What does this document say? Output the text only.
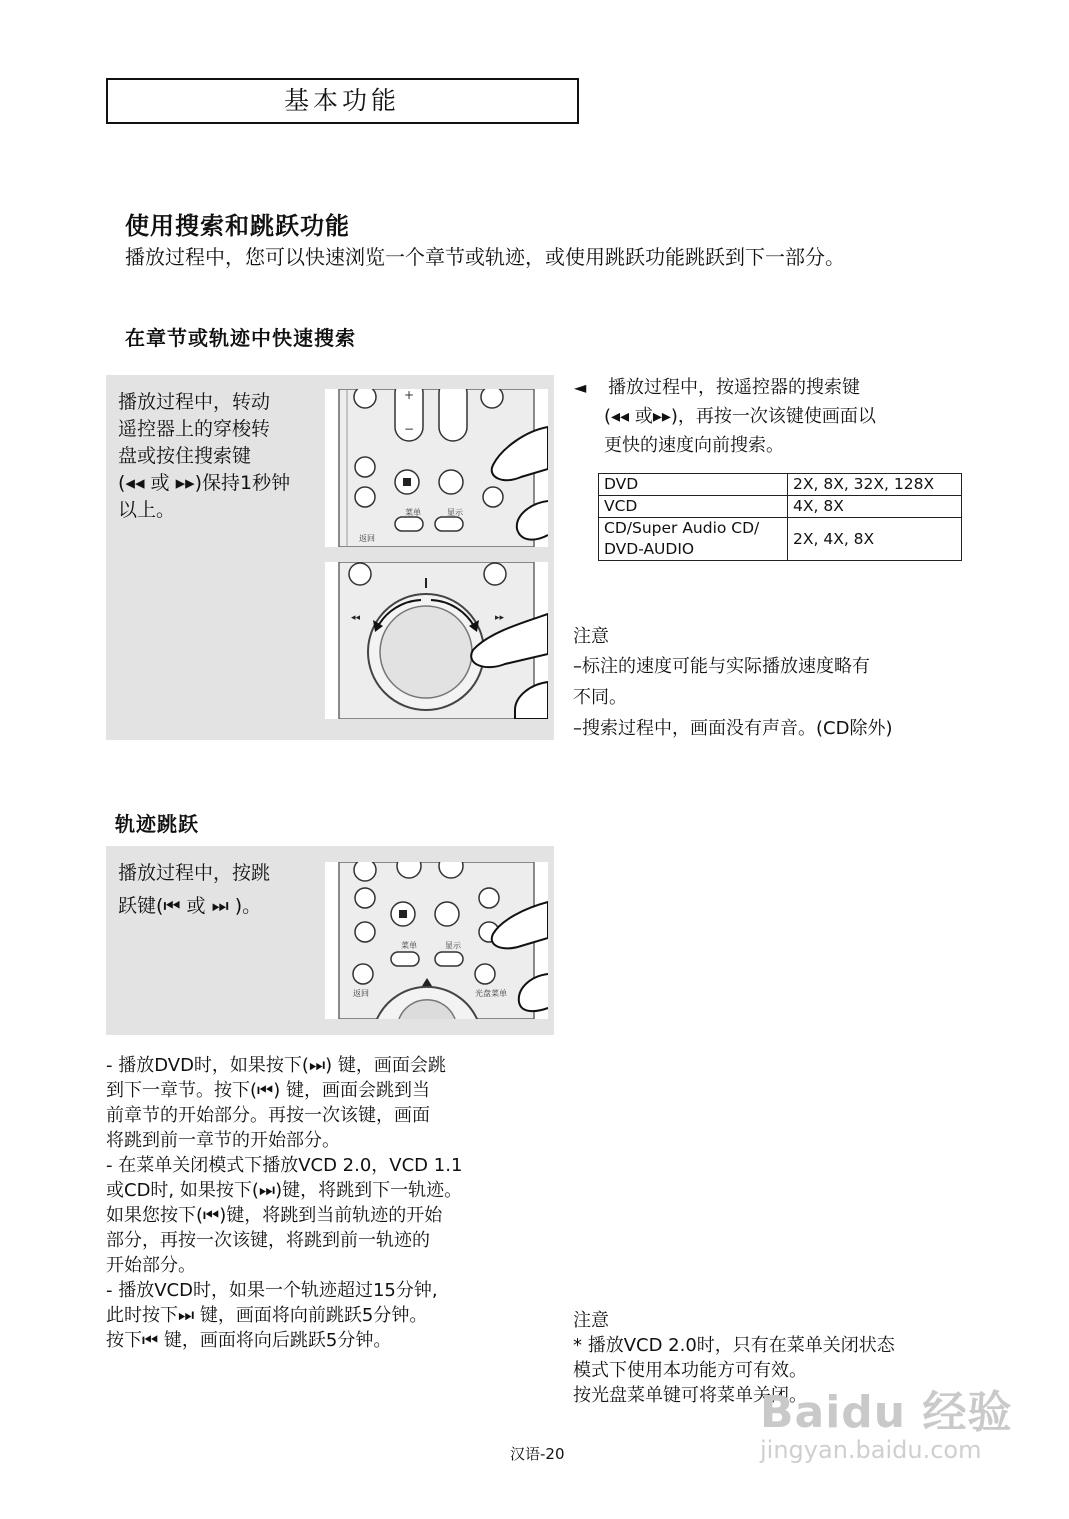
基本功能
使用搜索和跳跃功能
播放过程中，您可以快速浏览一个章节或轨迹，或使用跳跃功能跳跃到下一部分。
在章节或轨迹中快速搜索
播放过程中，转动
遥控器上的穿梭转
盘或按住搜索键
(◂◂ 或 ▸▸)保持1秒钟
以上。
+
−
菜单	显示
返回
◂◂	▸▸
◄ 播放过程中，按遥控器的搜索键
(◂◂ 或▸▸)，再按一次该键使画面以
更快的速度向前搜索。
DVD	2X, 8X, 32X, 128X
VCD	4X, 8X
CD/Super Audio CD/
DVD-AUDIO	2X, 4X, 8X
注意
–标注的速度可能与实际播放速度略有
不同。
–搜索过程中，画面没有声音。(CD除外)
轨迹跳跃
播放过程中，按跳
跃键(⏮ 或 ⏭ )。
菜单	显示
返回	光盘菜单
- 播放DVD时，如果按下(⏭) 键，画面会跳
到下一章节。按下(⏮) 键，画面会跳到当
前章节的开始部分。再按一次该键，画面
将跳到前一章节的开始部分。
- 在菜单关闭模式下播放VCD 2.0，VCD 1.1
或CD时, 如果按下(⏭)键，将跳到下一轨迹。
如果您按下(⏮)键，将跳到当前轨迹的开始
部分，再按一次该键，将跳到前一轨迹的
开始部分。
- 播放VCD时，如果一个轨迹超过15分钟,
此时按下⏭ 键，画面将向前跳跃5分钟。
按下⏮ 键，画面将向后跳跃5分钟。
注意
* 播放VCD 2.0时，只有在菜单关闭状态
模式下使用本功能方可有效。
按光盘菜单键可将菜单关闭。
Baidu 经验
jingyan.baidu.com
汉语-20
